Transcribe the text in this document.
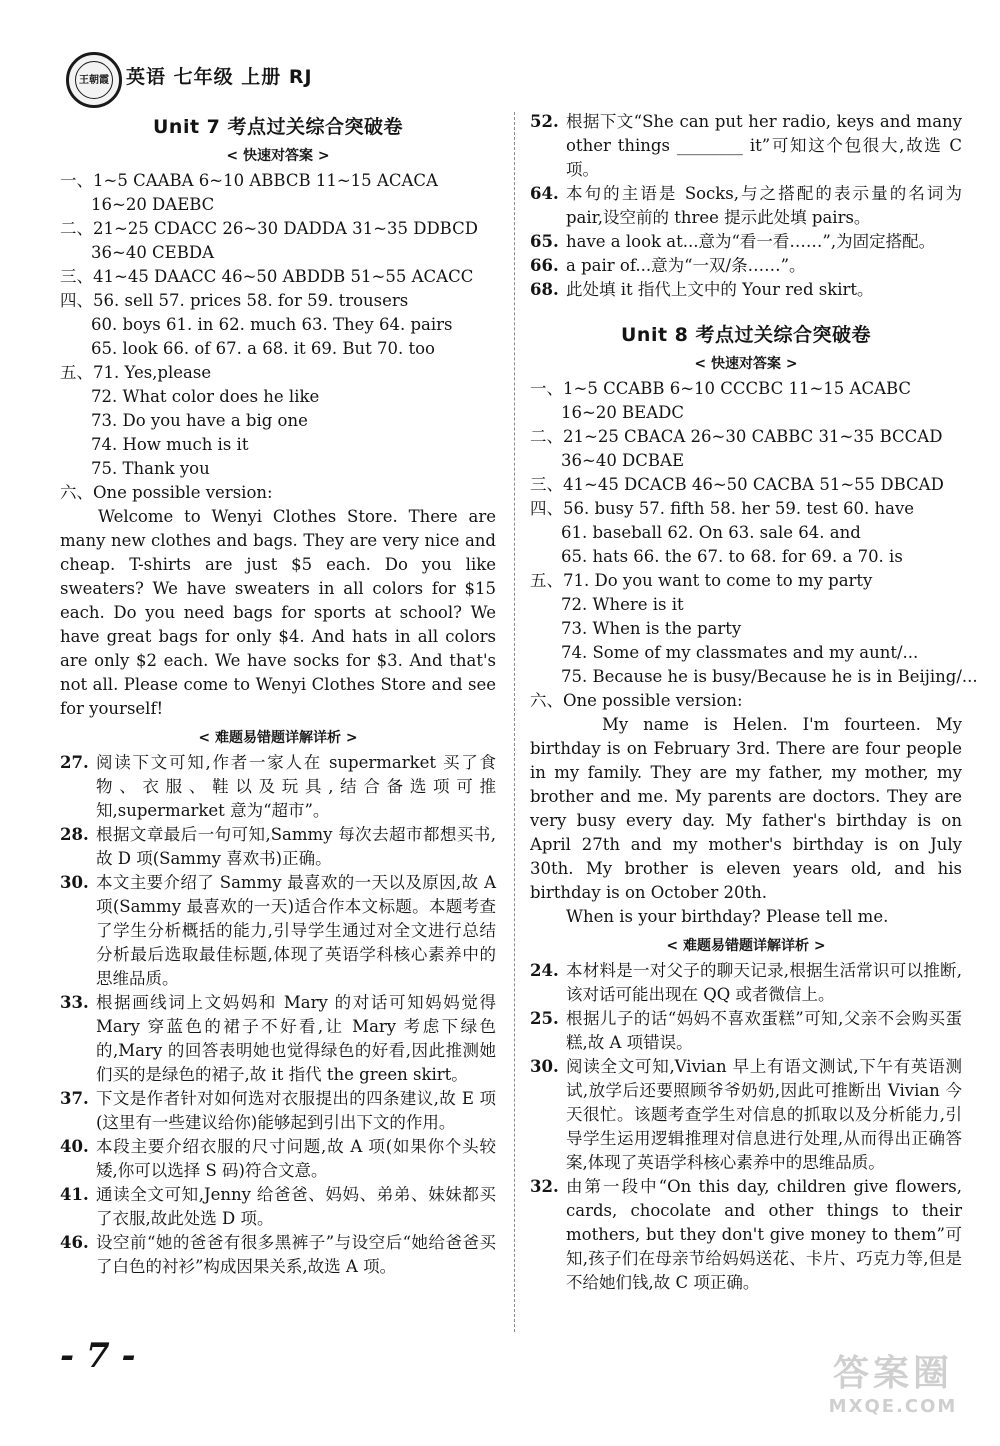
王朝霞 英语 七年级 上册 RJ
Unit 7 考点过关综合突破卷
< 快速对答案 >
一、1~5 CAABA 6~10 ABBCB 11~15 ACACA
16~20 DAEBC
二、21~25 CDACC 26~30 DADDA 31~35 DDBCD
36~40 CEBDA
三、41~45 DAACC 46~50 ABDDB 51~55 ACACC
四、56. sell 57. prices 58. for 59. trousers
60. boys 61. in 62. much 63. They 64. pairs
65. look 66. of 67. a 68. it 69. But 70. too
五、71. Yes,please
72. What color does he like
73. Do you have a big one
74. How much is it
75. Thank you
六、One possible version:
Welcome to Wenyi Clothes Store. There are many new clothes and bags. They are very nice and cheap. T-shirts are just $5 each. Do you like sweaters? We have sweaters in all colors for $15 each. Do you need bags for sports at school? We have great bags for only $4. And hats in all colors are only $2 each. We have socks for $3. And that's not all. Please come to Wenyi Clothes Store and see for yourself!
< 难题易错题详解详析 >
27. 阅读下文可知,作者一家人在 supermarket 买了食物、衣服、鞋以及玩具,结合备选项可推知,supermarket 意为“超市”。
28. 根据文章最后一句可知,Sammy 每次去超市都想买书,故 D 项(Sammy 喜欢书)正确。
30. 本文主要介绍了 Sammy 最喜欢的一天以及原因,故 A 项(Sammy 最喜欢的一天)适合作本文标题。本题考查了学生分析概括的能力,引导学生通过对全文进行总结分析最后选取最佳标题,体现了英语学科核心素养中的思维品质。
33. 根据画线词上文妈妈和 Mary 的对话可知妈妈觉得 Mary 穿蓝色的裙子不好看,让 Mary 考虑下绿色的,Mary 的回答表明她也觉得绿色的好看,因此推测她们买的是绿色的裙子,故 it 指代 the green skirt。
37. 下文是作者针对如何选对衣服提出的四条建议,故 E 项(这里有一些建议给你)能够起到引出下文的作用。
40. 本段主要介绍衣服的尺寸问题,故 A 项(如果你个头较矮,你可以选择 S 码)符合文意。
41. 通读全文可知,Jenny 给爸爸、妈妈、弟弟、妹妹都买了衣服,故此处选 D 项。
46. 设空前“她的爸爸有很多黑裤子”与设空后“她给爸爸买了白色的衬衫”构成因果关系,故选 A 项。
52. 根据下文“She can put her radio, keys and many other things ________ it”可知这个包很大,故选 C 项。
64. 本句的主语是 Socks,与之搭配的表示量的名词为 pair,设空前的 three 提示此处填 pairs。
65. have a look at...意为“看一看……”,为固定搭配。
66. a pair of...意为“一双/条……”。
68. 此处填 it 指代上文中的 Your red skirt。
Unit 8 考点过关综合突破卷
< 快速对答案 >
一、1~5 CCABB 6~10 CCCBC 11~15 ACABC
16~20 BEADC
二、21~25 CBACA 26~30 CABBC 31~35 BCCAD
36~40 DCBAE
三、41~45 DCACB 46~50 CACBA 51~55 DBCAD
四、56. busy 57. fifth 58. her 59. test 60. have
61. baseball 62. On 63. sale 64. and
65. hats 66. the 67. to 68. for 69. a 70. is
五、71. Do you want to come to my party
72. Where is it
73. When is the party
74. Some of my classmates and my aunt/...
75. Because he is busy/Because he is in Beijing/...
六、One possible version:
My name is Helen. I'm fourteen. My birthday is on February 3rd. There are four people in my family. They are my father, my mother, my brother and me. My parents are doctors. They are very busy every day. My father's birthday is on April 27th and my mother's birthday is on July 30th. My brother is eleven years old, and his birthday is on October 20th.
When is your birthday? Please tell me.
< 难题易错题详解详析 >
24. 本材料是一对父子的聊天记录,根据生活常识可以推断,该对话可能出现在 QQ 或者微信上。
25. 根据儿子的话“妈妈不喜欢蛋糕”可知,父亲不会购买蛋糕,故 A 项错误。
30. 阅读全文可知,Vivian 早上有语文测试,下午有英语测试,放学后还要照顾爷爷奶奶,因此可推断出 Vivian 今天很忙。该题考查学生对信息的抓取以及分析能力,引导学生运用逻辑推理对信息进行处理,从而得出正确答案,体现了英语学科核心素养中的思维品质。
32. 由第一段中“On this day, children give flowers, cards, chocolate and other things to their mothers, but they don't give money to them”可知,孩子们在母亲节给妈妈送花、卡片、巧克力等,但是不给她们钱,故 C 项正确。
- 7 -	答案圈
MXQE.COM
